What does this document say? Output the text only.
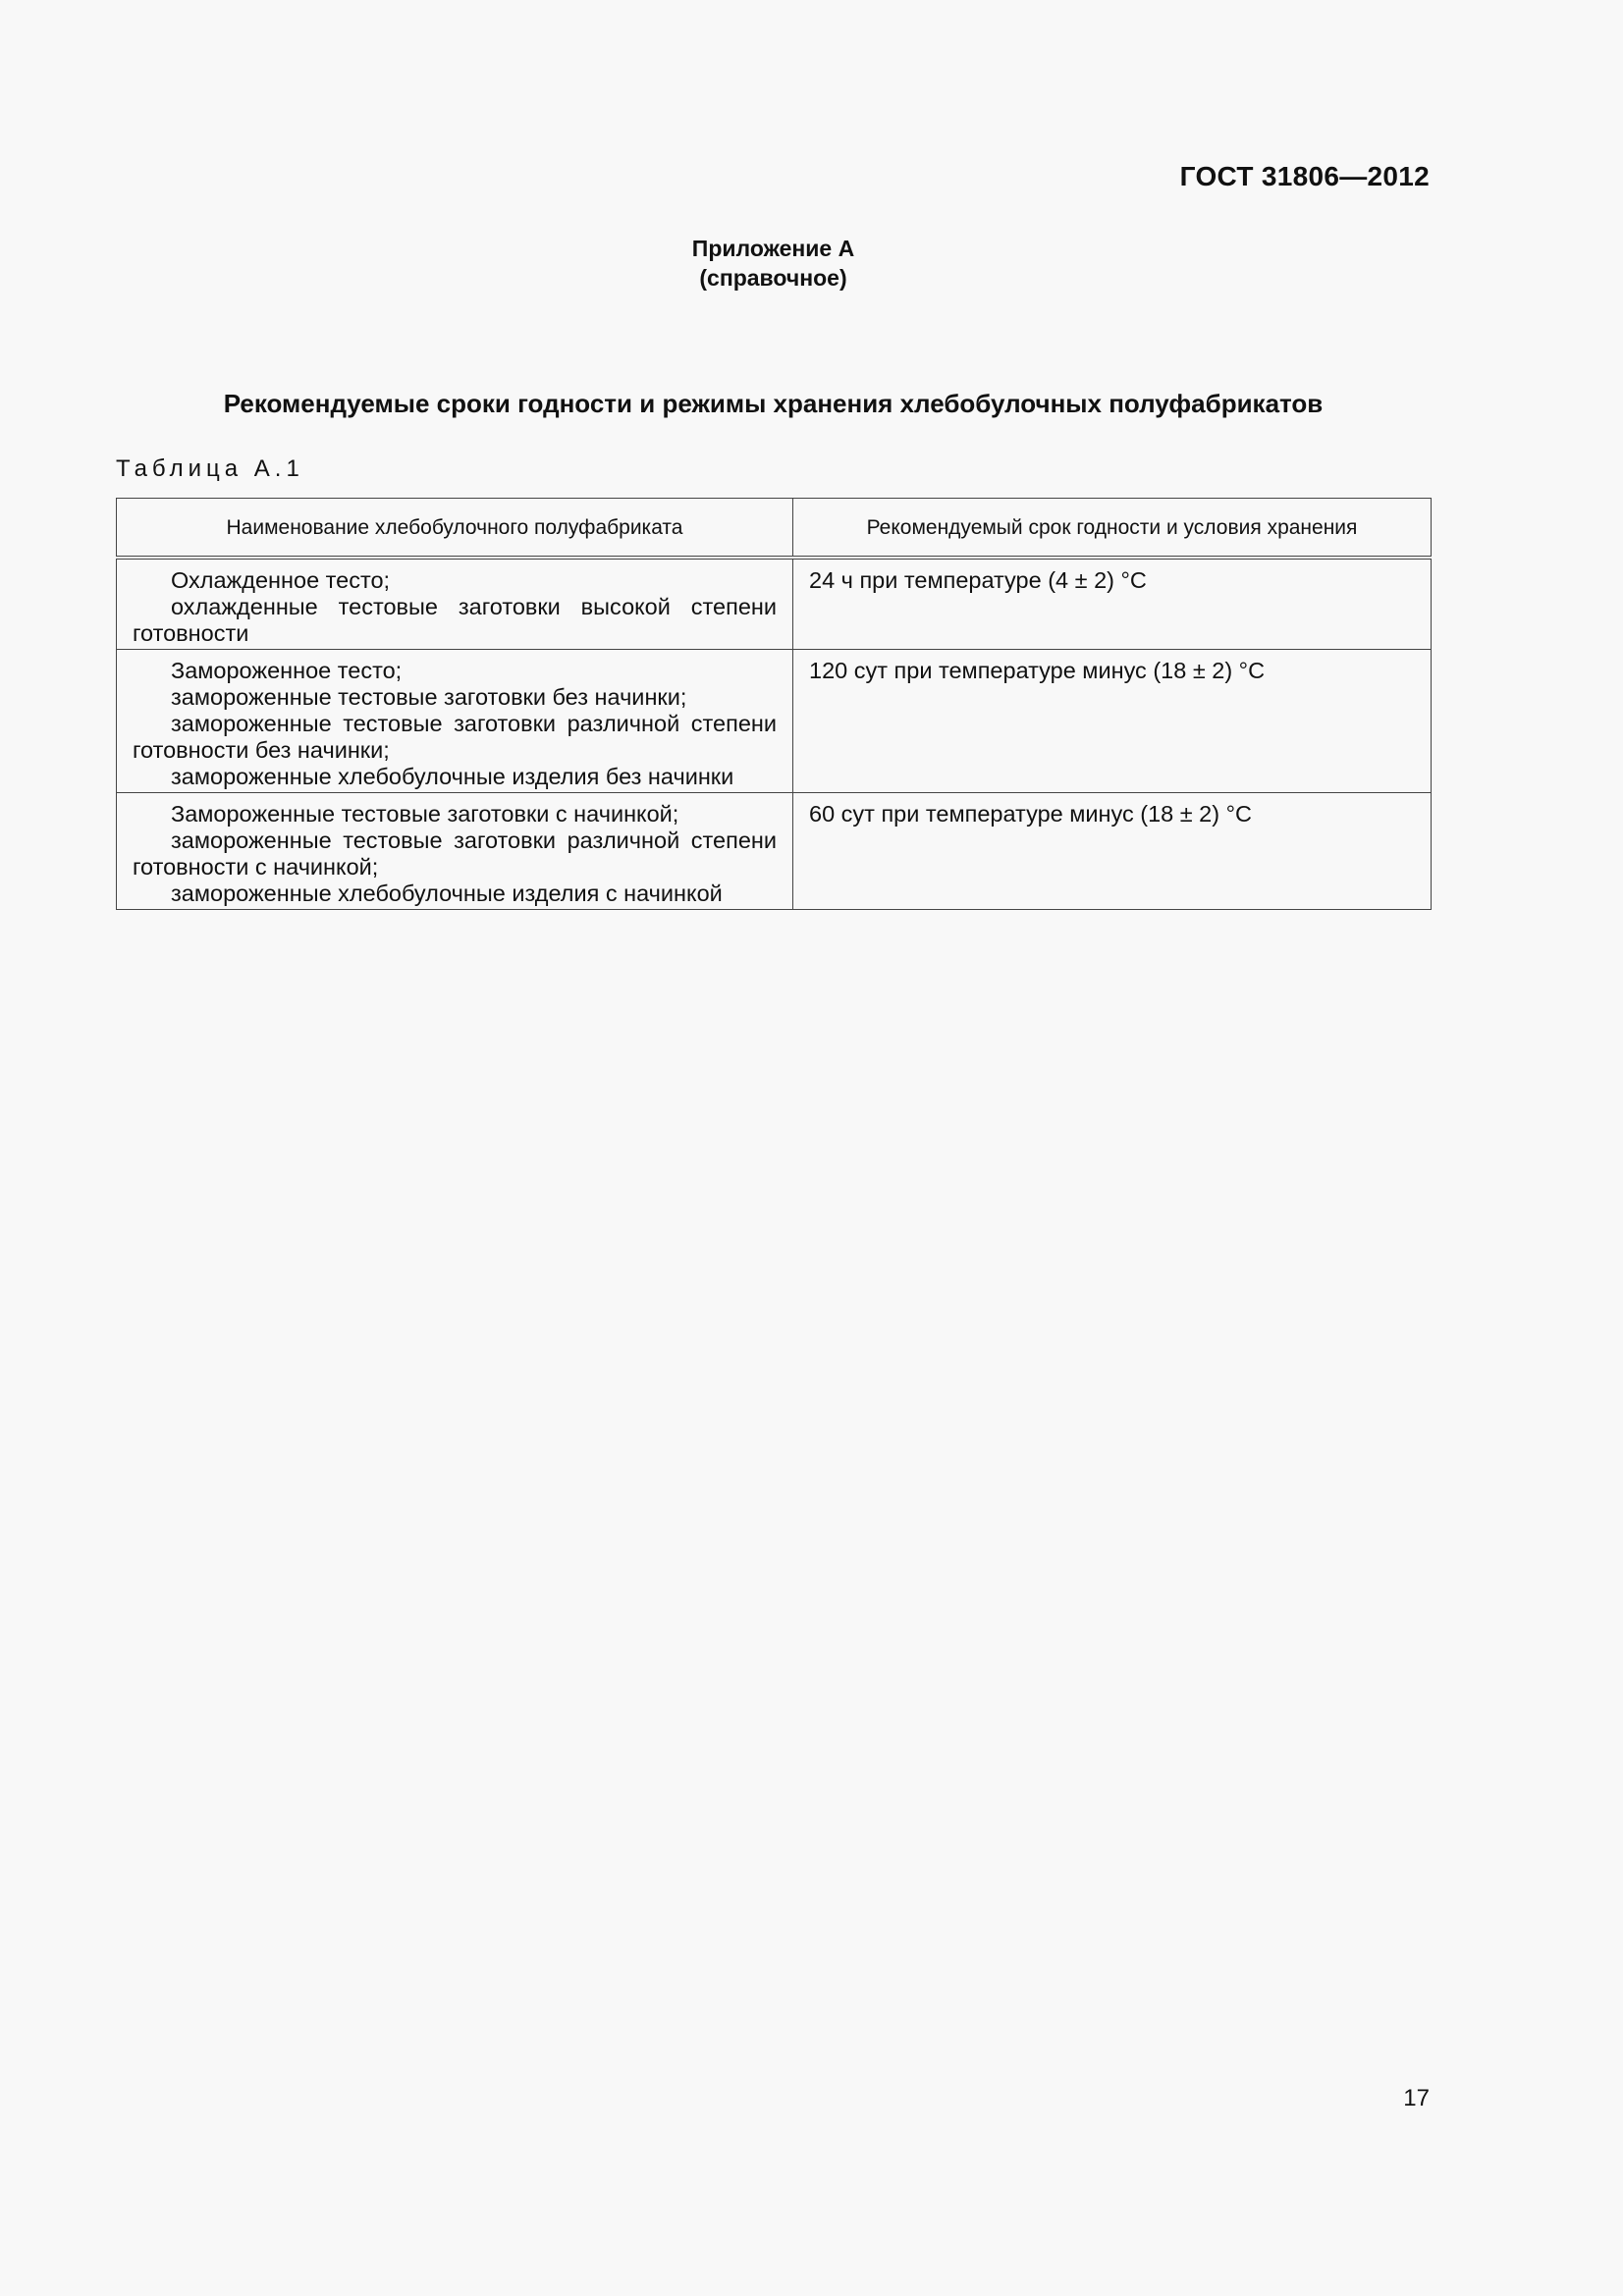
ГОСТ 31806—2012
Приложение А
(справочное)
Рекомендуемые сроки годности и режимы хранения хлебобулочных полуфабрикатов
Таблица А.1
Наименование хлебобулочного полуфабриката	Рекомендуемый срок годности и условия хранения

Охлажденное тесто;
охлажденные тестовые заготовки высокой степени готовности	24 ч при температуре (4 ± 2) °С

Замороженное тесто;
замороженные тестовые заготовки без начинки;
замороженные тестовые заготовки различной степени готовности без начинки;
замороженные хлебобулочные изделия без начинки	120 сут при температуре минус (18 ± 2) °С

Замороженные тестовые заготовки с начинкой;
замороженные тестовые заготовки различной степени готовности с начинкой;
замороженные хлебобулочные изделия с начинкой	60 сут при температуре минус (18 ± 2) °С
17
